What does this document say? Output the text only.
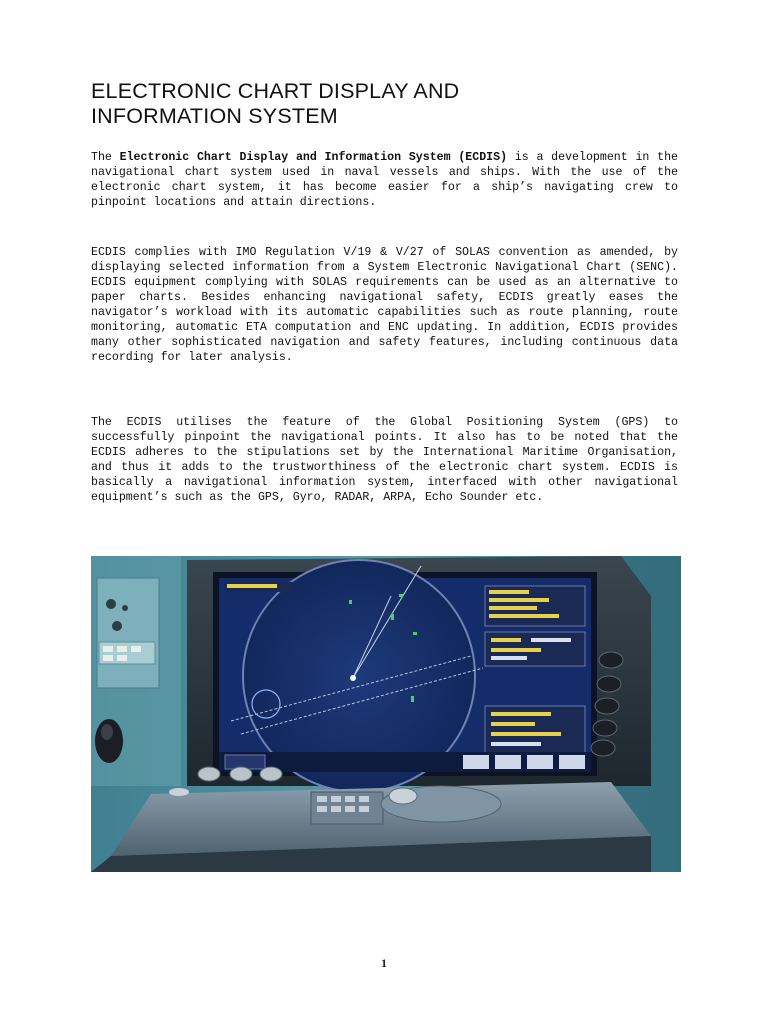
ELECTRONIC CHART DISPLAY AND
INFORMATION SYSTEM

The Electronic Chart Display and Information System (ECDIS) is a development in the navigational chart system used in naval vessels and ships. With the use of the electronic chart system, it has become easier for a ship’s navigating crew to pinpoint locations and attain directions.

ECDIS complies with IMO Regulation V/19 & V/27 of SOLAS convention as amended, by displaying selected information from a System Electronic Navigational Chart (SENC). ECDIS equipment complying with SOLAS requirements can be used as an alternative to paper charts. Besides enhancing navigational safety, ECDIS greatly eases the navigator’s workload with its automatic capabilities such as route planning, route monitoring, automatic ETA computation and ENC updating. In addition, ECDIS provides many other sophisticated navigation and safety features, including continuous data recording for later analysis.

The ECDIS utilises the feature of the Global Positioning System (GPS) to successfully pinpoint the navigational points. It also has to be noted that the ECDIS adheres to the stipulations set by the International Maritime Organisation, and thus it adds to the trustworthiness of the electronic chart system. ECDIS is basically a navigational information system, interfaced with other navigational equipment’s such as the GPS, Gyro, RADAR, ARPA, Echo Sounder etc.

1
